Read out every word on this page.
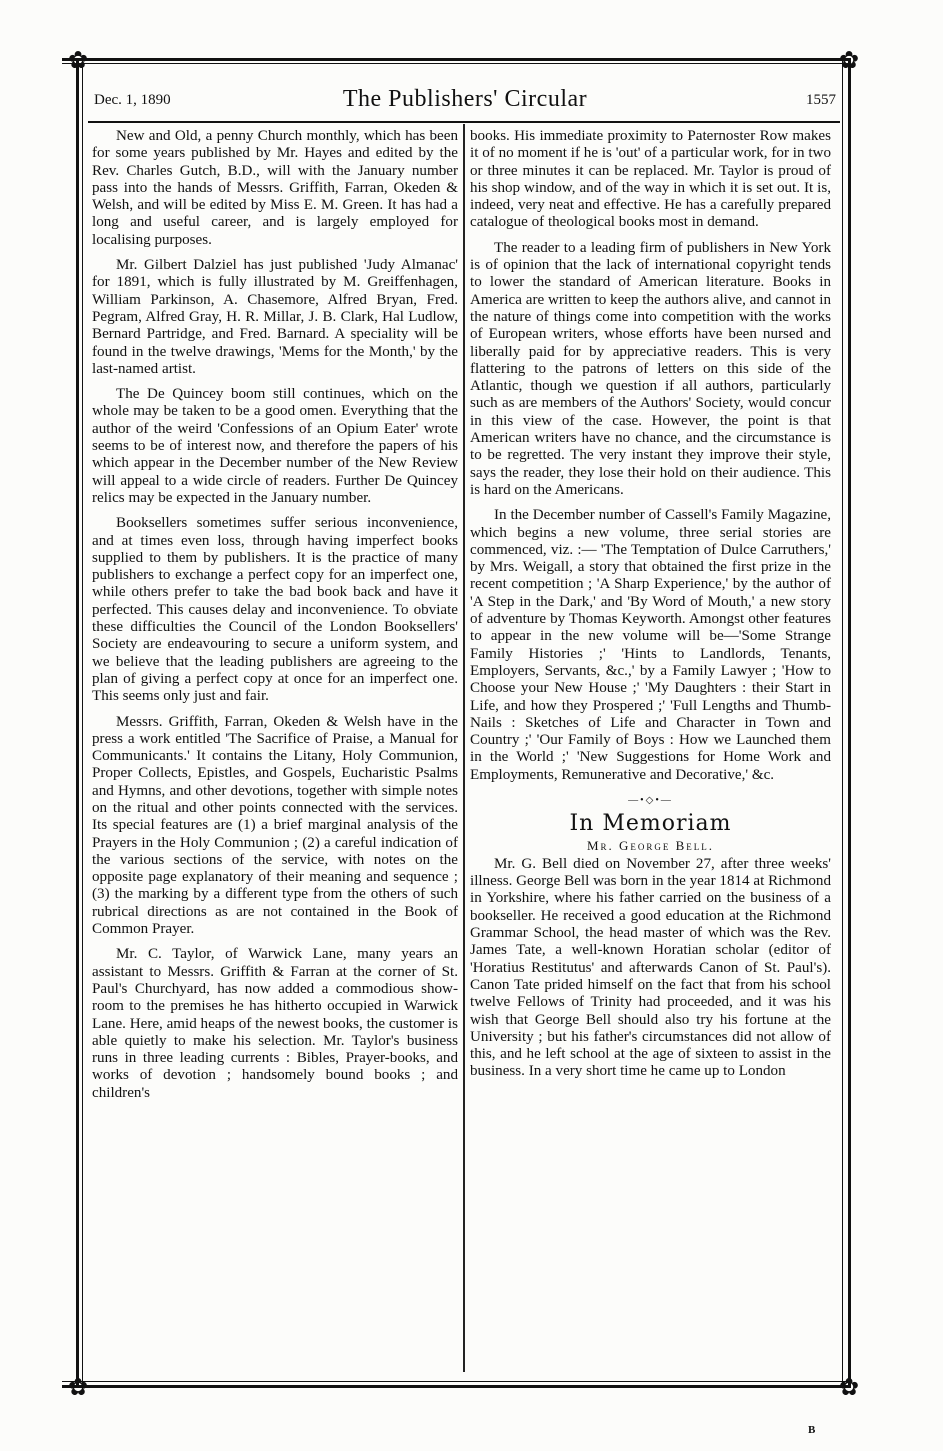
✿	✿
✿	✿
Dec. 1, 1890	The Publishers' Circular	1557

New and Old, a penny Church monthly, which has been for some years published by Mr. Hayes and edited by the Rev. Charles Gutch, B.D., will with the January number pass into the hands of Messrs. Griffith, Farran, Okeden & Welsh, and will be edited by Miss E. M. Green. It has had a long and useful career, and is largely employed for localising purposes.

Mr. Gilbert Dalziel has just published 'Judy Almanac' for 1891, which is fully illustrated by M. Greiffenhagen, William Parkinson, A. Chasemore, Alfred Bryan, Fred. Pegram, Alfred Gray, H. R. Millar, J. B. Clark, Hal Ludlow, Bernard Partridge, and Fred. Barnard. A speciality will be found in the twelve drawings, 'Mems for the Month,' by the last-named artist.

The De Quincey boom still continues, which on the whole may be taken to be a good omen. Everything that the author of the weird 'Confessions of an Opium Eater' wrote seems to be of interest now, and therefore the papers of his which appear in the December number of the New Review will appeal to a wide circle of readers. Further De Quincey relics may be expected in the January number.

Booksellers sometimes suffer serious inconvenience, and at times even loss, through having imperfect books supplied to them by publishers. It is the practice of many publishers to exchange a perfect copy for an imperfect one, while others prefer to take the bad book back and have it perfected. This causes delay and inconvenience. To obviate these difficulties the Council of the London Booksellers' Society are endeavouring to secure a uniform system, and we believe that the leading publishers are agreeing to the plan of giving a perfect copy at once for an imperfect one. This seems only just and fair.

Messrs. Griffith, Farran, Okeden & Welsh have in the press a work entitled 'The Sacrifice of Praise, a Manual for Communicants.' It contains the Litany, Holy Communion, Proper Collects, Epistles, and Gospels, Eucharistic Psalms and Hymns, and other devotions, together with simple notes on the ritual and other points connected with the services. Its special features are (1) a brief marginal analysis of the Prayers in the Holy Communion ; (2) a careful indication of the various sections of the service, with notes on the opposite page explanatory of their meaning and sequence ; (3) the marking by a different type from the others of such rubrical directions as are not contained in the Book of Common Prayer.

Mr. C. Taylor, of Warwick Lane, many years an assistant to Messrs. Griffith & Farran at the corner of St. Paul's Churchyard, has now added a commodious show-room to the premises he has hitherto occupied in Warwick Lane. Here, amid heaps of the newest books, the customer is able quietly to make his selection. Mr. Taylor's business runs in three leading currents : Bibles, Prayer-books, and works of devotion ; handsomely bound books ; and children's

books. His immediate proximity to Paternoster Row makes it of no moment if he is 'out' of a particular work, for in two or three minutes it can be replaced. Mr. Taylor is proud of his shop window, and of the way in which it is set out. It is, indeed, very neat and effective. He has a carefully prepared catalogue of theological books most in demand.

The reader to a leading firm of publishers in New York is of opinion that the lack of international copyright tends to lower the standard of American literature. Books in America are written to keep the authors alive, and cannot in the nature of things come into competition with the works of European writers, whose efforts have been nursed and liberally paid for by appreciative readers. This is very flattering to the patrons of letters on this side of the Atlantic, though we question if all authors, particularly such as are members of the Authors' Society, would concur in this view of the case. However, the point is that American writers have no chance, and the circumstance is to be regretted. The very instant they improve their style, says the reader, they lose their hold on their audience. This is hard on the Americans.

In the December number of Cassell's Family Magazine, which begins a new volume, three serial stories are commenced, viz. :— 'The Temptation of Dulce Carruthers,' by Mrs. Weigall, a story that obtained the first prize in the recent competition ; 'A Sharp Experience,' by the author of 'A Step in the Dark,' and 'By Word of Mouth,' a new story of adventure by Thomas Keyworth. Amongst other features to appear in the new volume will be—'Some Strange Family Histories ;' 'Hints to Landlords, Tenants, Employers, Servants, &c.,' by a Family Lawyer ; 'How to Choose your New House ;' 'My Daughters : their Start in Life, and how they Prospered ;' 'Full Lengths and Thumb-Nails : Sketches of Life and Character in Town and Country ;' 'Our Family of Boys : How we Launched them in the World ;' 'New Suggestions for Home Work and Employments, Remunerative and Decorative,' &c.

—•◇•—
In Memoriam
Mr. George Bell.

Mr. G. Bell died on November 27, after three weeks' illness. George Bell was born in the year 1814 at Richmond in Yorkshire, where his father carried on the business of a bookseller. He received a good education at the Richmond Grammar School, the head master of which was the Rev. James Tate, a well-known Horatian scholar (editor of 'Horatius Restitutus' and afterwards Canon of St. Paul's). Canon Tate prided himself on the fact that from his school twelve Fellows of Trinity had proceeded, and it was his wish that George Bell should also try his fortune at the University ; but his father's circumstances did not allow of this, and he left school at the age of sixteen to assist in the business. In a very short time he came up to London

B
